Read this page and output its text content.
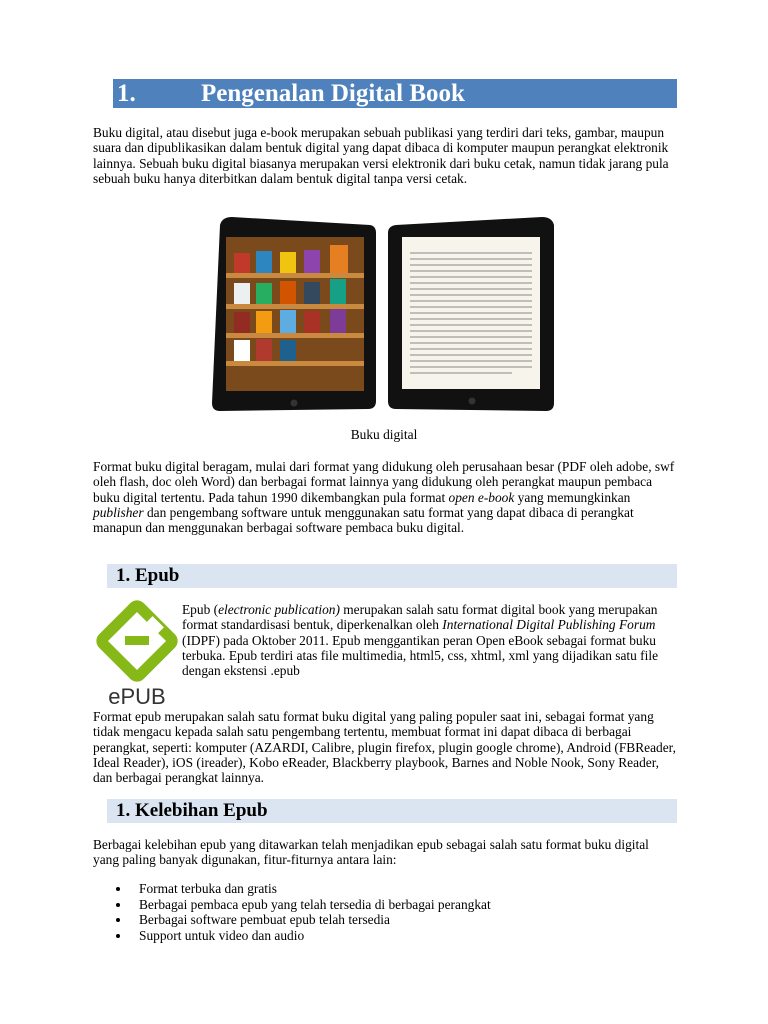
1.	Pengenalan Digital Book

Buku digital, atau disebut juga e-book merupakan sebuah publikasi yang terdiri dari teks, gambar, maupun suara dan dipublikasikan dalam bentuk digital yang dapat dibaca di komputer maupun perangkat elektronik lainnya. Sebuah buku digital biasanya merupakan versi elektronik dari buku cetak, namun tidak jarang pula sebuah buku hanya diterbitkan dalam bentuk digital tanpa versi cetak.

Buku digital

Format buku digital beragam, mulai dari format yang didukung oleh perusahaan besar (PDF oleh adobe, swf oleh flash, doc oleh Word) dan berbagai format lainnya yang didukung oleh perangkat maupun pembaca buku digital tertentu. Pada tahun 1990 dikembangkan pula format open e-book yang memungkinkan publisher dan pengembang software untuk menggunakan satu format yang dapat dibaca di perangkat manapun dan menggunakan berbagai software pembaca buku digital.

1. Epub
ePUB

Epub (electronic publication) merupakan salah satu format digital book yang merupakan format standardisasi bentuk, diperkenalkan oleh International Digital Publishing Forum (IDPF) pada Oktober 2011. Epub menggantikan peran Open eBook sebagai format buku terbuka. Epub terdiri atas file multimedia, html5, css, xhtml, xml yang dijadikan satu file dengan ekstensi .epub

Format epub merupakan salah satu format buku digital yang paling populer saat ini, sebagai format yang tidak mengacu kepada salah satu pengembang tertentu, membuat format ini dapat dibaca di berbagai perangkat, seperti: komputer (AZARDI, Calibre, plugin firefox, plugin google chrome), Android (FBReader, Ideal Reader), iOS (ireader), Kobo eReader, Blackberry playbook, Barnes and Noble Nook, Sony Reader, dan berbagai perangkat lainnya.

1. Kelebihan Epub

Berbagai kelebihan epub yang ditawarkan telah menjadikan epub sebagai salah satu format buku digital yang paling banyak digunakan, fitur-fiturnya antara lain:

Format terbuka dan gratis
Berbagai pembaca epub yang telah tersedia di berbagai perangkat
Berbagai software pembuat epub telah tersedia
Support untuk video dan audio
